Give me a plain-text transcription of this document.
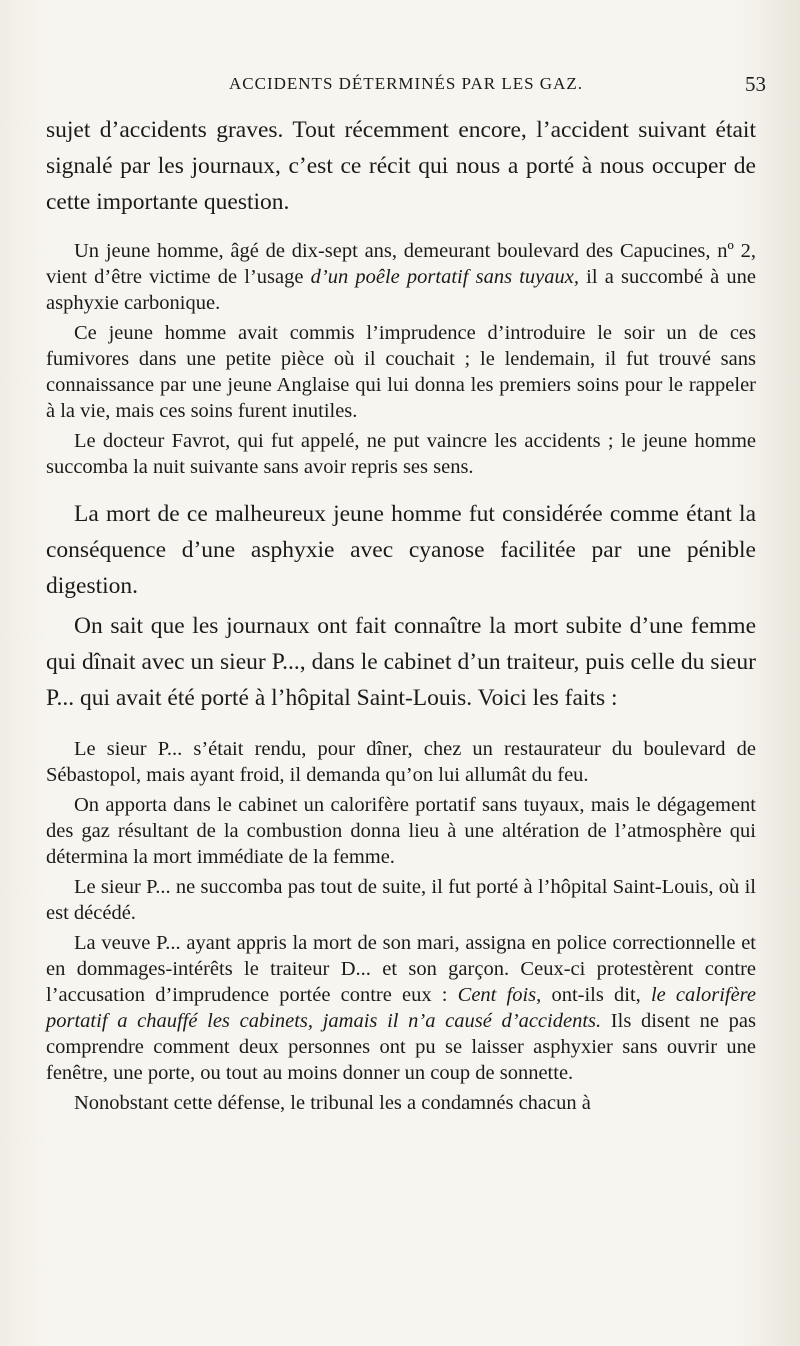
ACCIDENTS DÉTERMINÉS PAR LES GAZ.	53

sujet d’accidents graves. Tout récemment encore, l’accident suivant était signalé par les journaux, c’est ce récit qui nous a porté à nous occuper de cette importante question.

Un jeune homme, âgé de dix-sept ans, demeurant boulevard des Capucines, nº 2, vient d’être victime de l’usage d’un poêle portatif sans tuyaux, il a succombé à une asphyxie carbonique.

Ce jeune homme avait commis l’imprudence d’introduire le soir un de ces fumivores dans une petite pièce où il couchait ; le lendemain, il fut trouvé sans connaissance par une jeune Anglaise qui lui donna les premiers soins pour le rappeler à la vie, mais ces soins furent inutiles.

Le docteur Favrot, qui fut appelé, ne put vaincre les accidents ; le jeune homme succomba la nuit suivante sans avoir repris ses sens.

La mort de ce malheureux jeune homme fut considérée comme étant la conséquence d’une asphyxie avec cyanose facilitée par une pénible digestion.

On sait que les journaux ont fait connaître la mort subite d’une femme qui dînait avec un sieur P..., dans le cabinet d’un traiteur, puis celle du sieur P... qui avait été porté à l’hôpital Saint-Louis. Voici les faits :

Le sieur P... s’était rendu, pour dîner, chez un restaurateur du boulevard de Sébastopol, mais ayant froid, il demanda qu’on lui allumât du feu.

On apporta dans le cabinet un calorifère portatif sans tuyaux, mais le dégagement des gaz résultant de la combustion donna lieu à une altération de l’atmosphère qui détermina la mort immédiate de la femme.

Le sieur P... ne succomba pas tout de suite, il fut porté à l’hôpital Saint-Louis, où il est décédé.

La veuve P... ayant appris la mort de son mari, assigna en police correctionnelle et en dommages-intérêts le traiteur D... et son garçon. Ceux-ci protestèrent contre l’accusation d’imprudence portée contre eux : Cent fois, ont-ils dit, le calorifère portatif a chauffé les cabinets, jamais il n’a causé d’accidents. Ils disent ne pas comprendre comment deux personnes ont pu se laisser asphyxier sans ouvrir une fenêtre, une porte, ou tout au moins donner un coup de sonnette.

Nonobstant cette défense, le tribunal les a condamnés chacun à
